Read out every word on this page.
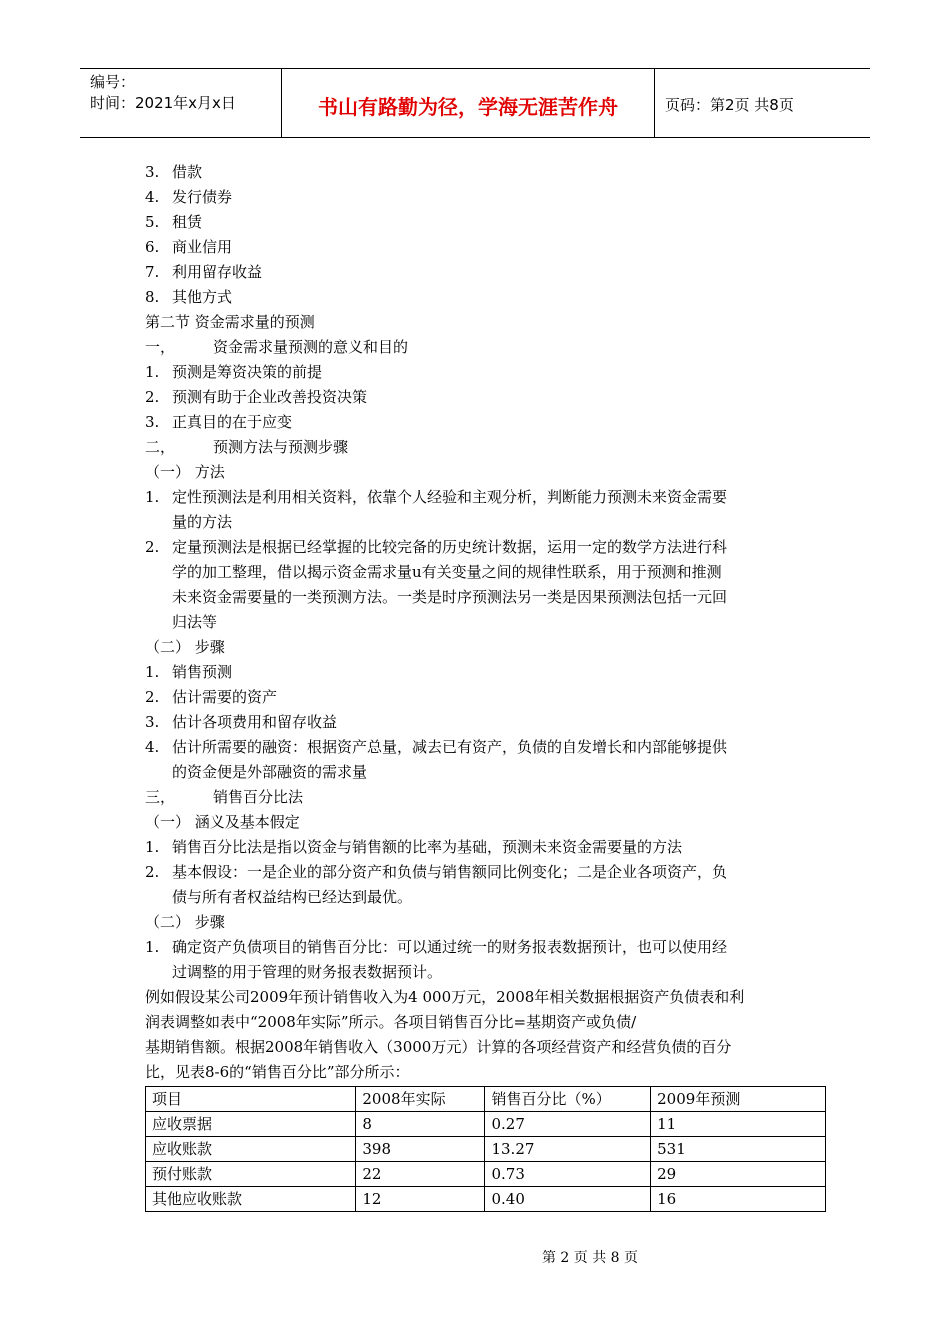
编号：
时间：2021年x月x日	书山有路勤为径，学海无涯苦作舟	页码：第2页 共8页
3. 借款
4. 发行债券
5. 租赁
6. 商业信用
7. 利用留存收益
8. 其他方式
第二节 资金需求量的预测
一，	资金需求量预测的意义和目的
1. 预测是筹资决策的前提
2. 预测有助于企业改善投资决策
3. 正真目的在于应变
二，	预测方法与预测步骤
（一） 方法
1. 定性预测法是利用相关资料，依靠个人经验和主观分析，判断能力预测未来资金需要
量的方法
2. 定量预测法是根据已经掌握的比较完备的历史统计数据，运用一定的数学方法进行科
学的加工整理，借以揭示资金需求量u有关变量之间的规律性联系，用于预测和推测
未来资金需要量的一类预测方法。一类是时序预测法另一类是因果预测法包括一元回
归法等
（二） 步骤
1. 销售预测
2. 估计需要的资产
3. 估计各项费用和留存收益
4. 估计所需要的融资：根据资产总量，减去已有资产，负债的自发增长和内部能够提供
的资金便是外部融资的需求量
三，	销售百分比法
（一） 涵义及基本假定
1. 销售百分比法是指以资金与销售额的比率为基础，预测未来资金需要量的方法
2. 基本假设：一是企业的部分资产和负债与销售额同比例变化；二是企业各项资产，负
债与所有者权益结构已经达到最优。
（二） 步骤
1. 确定资产负债项目的销售百分比：可以通过统一的财务报表数据预计，也可以使用经
过调整的用于管理的财务报表数据预计。
例如假设某公司2009年预计销售收入为4 000万元，2008年相关数据根据资产负债表和利
润表调整如表中“2008年实际”所示。各项目销售百分比=基期资产或负债/
基期销售额。根据2008年销售收入（3000万元）计算的各项经营资产和经营负债的百分
比，见表8-6的“销售百分比”部分所示：
项目	2008年实际	销售百分比（%）	2009年预测
应收票据	8	0.27	11
应收账款	398	13.27	531
预付账款	22	0.73	29
其他应收账款	12	0.40	16
第 2 页 共 8 页
